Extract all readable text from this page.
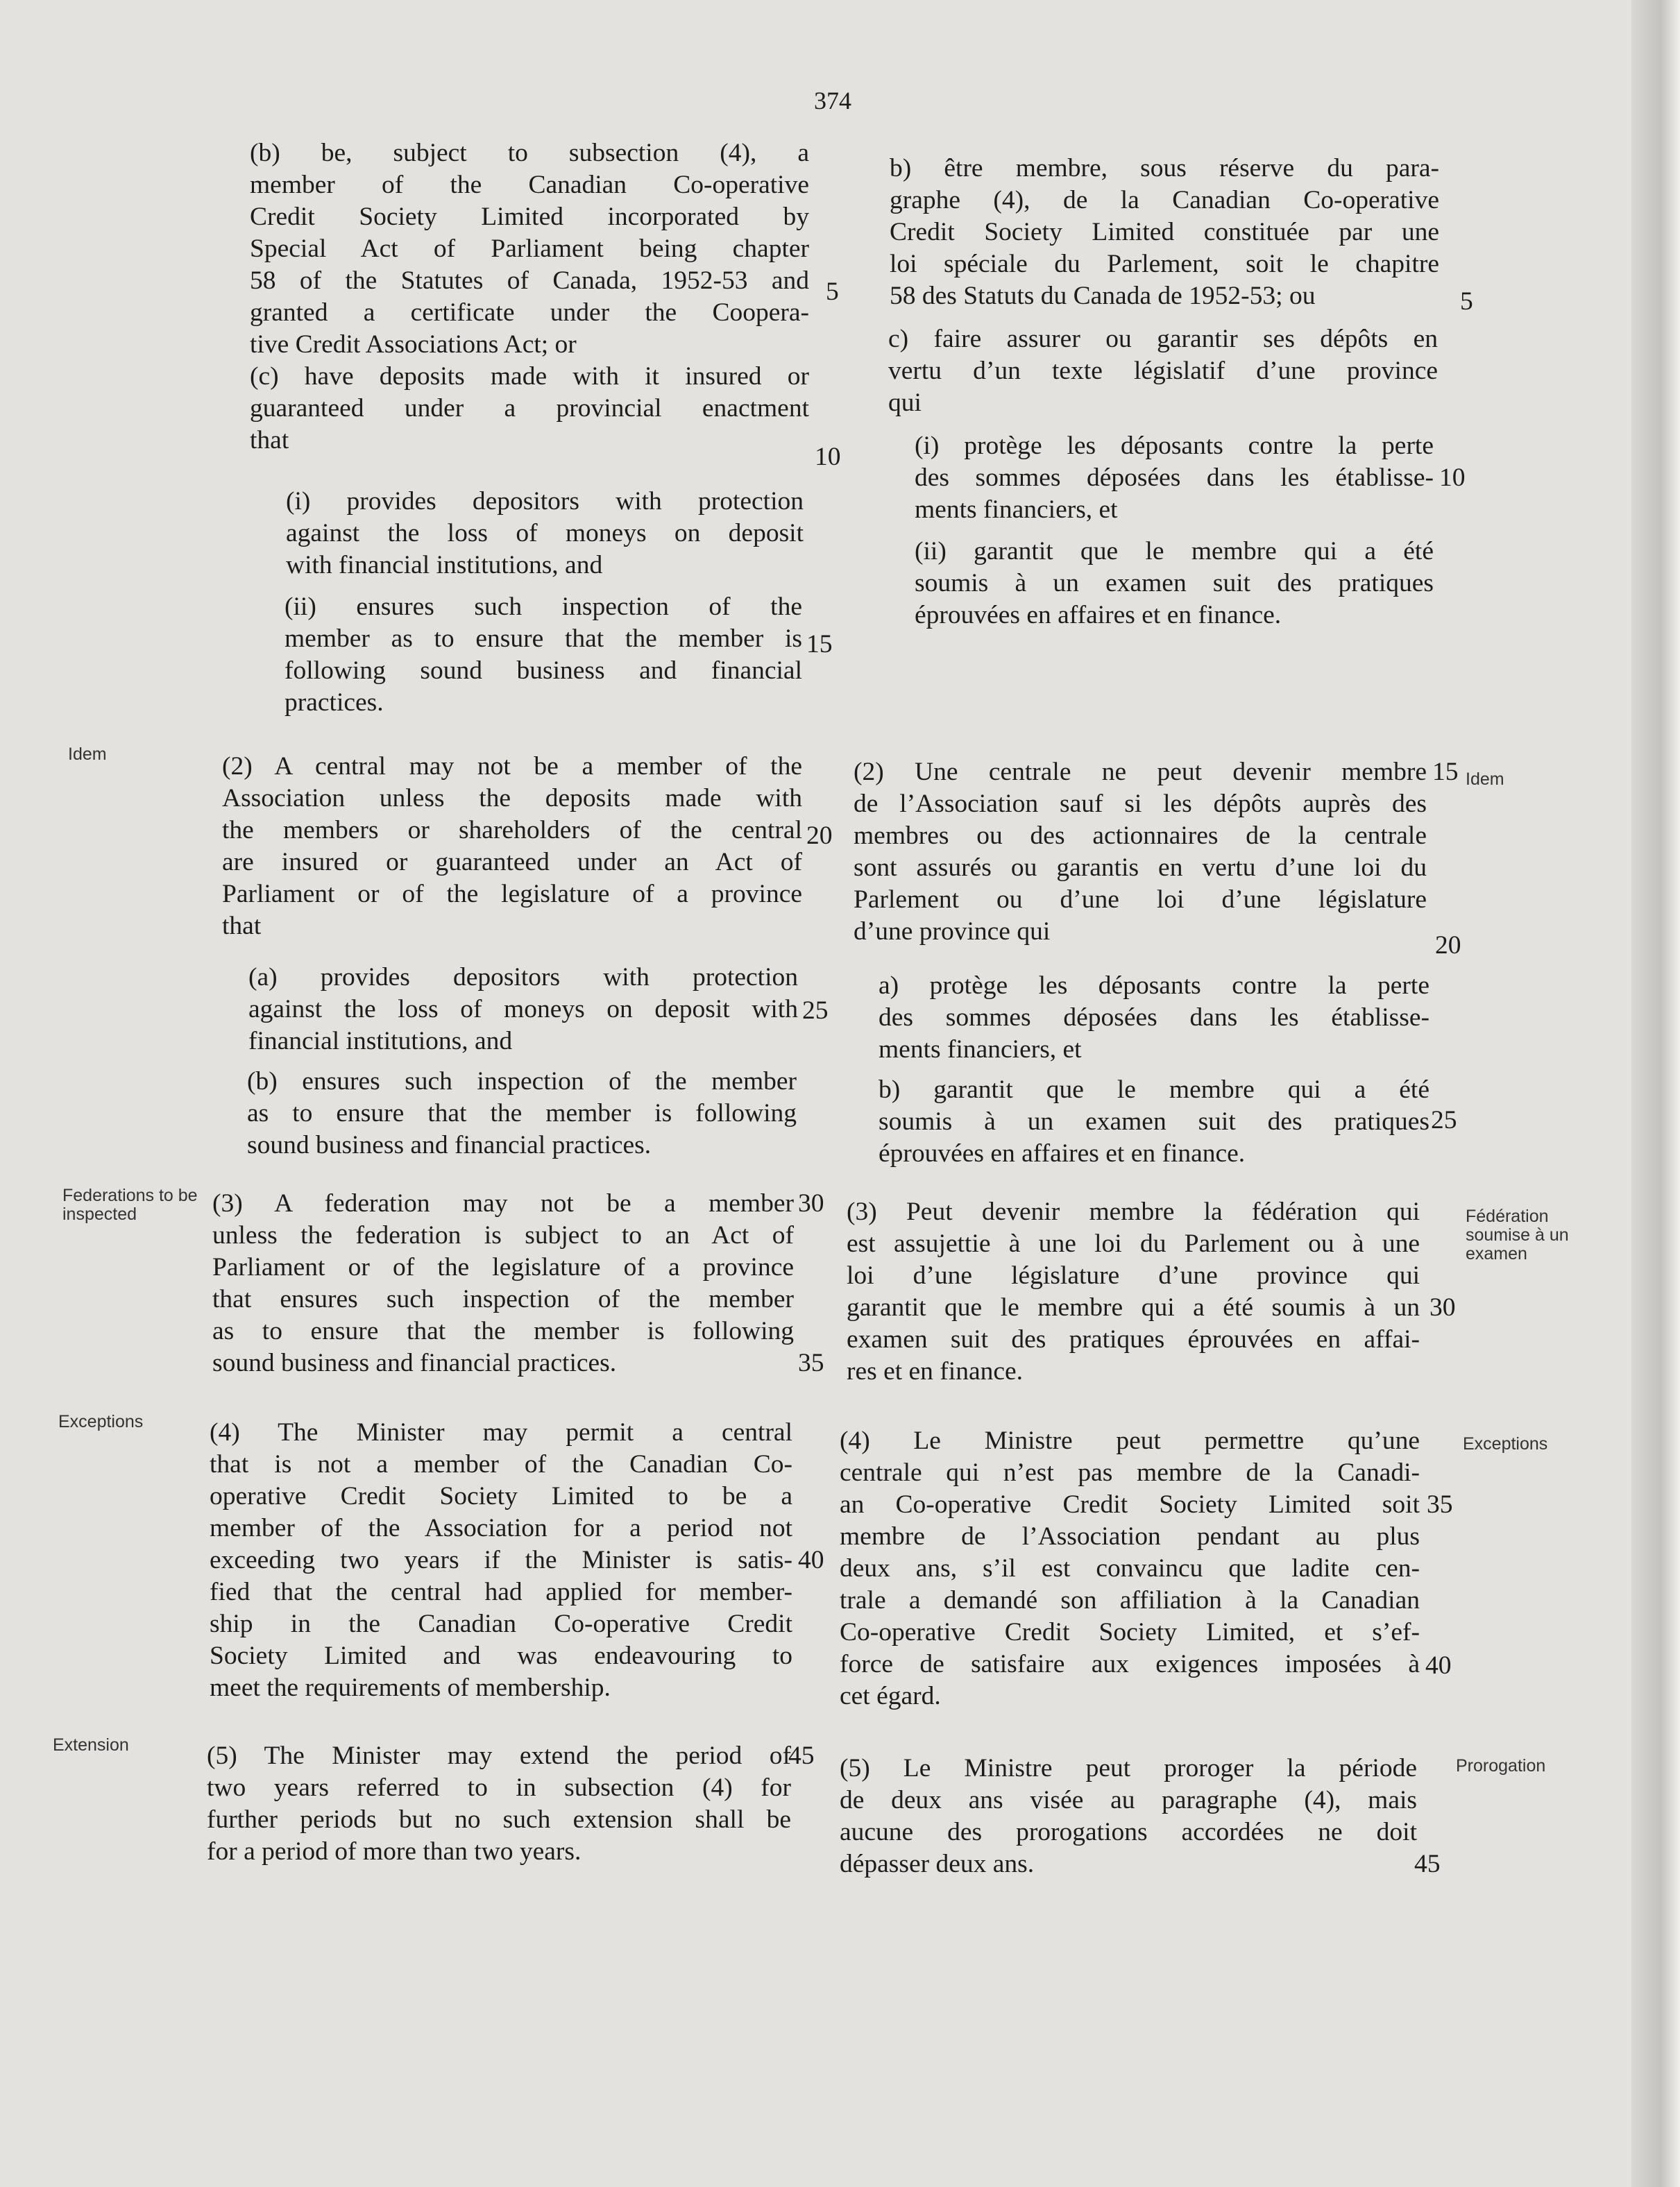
374
(b) be, subject to subsection (4), a
member of the Canadian Co-operative
Credit Society Limited incorporated by
Special Act of Parliament being chapter
58 of the Statutes of Canada, 1952-53 and
granted a certificate under the Coopera-
tive Credit Associations Act; or
(c) have deposits made with it insured or
guaranteed under a provincial enactment
that
(i) provides depositors with protection
against the loss of moneys on deposit
with financial institutions, and
(ii) ensures such inspection of the
member as to ensure that the member is
following sound business and financial
practices.
(2) A central may not be a member of the
Association unless the deposits made with
the members or shareholders of the central
are insured or guaranteed under an Act of
Parliament or of the legislature of a province
that
(a) provides depositors with protection
against the loss of moneys on deposit with
financial institutions, and
(b) ensures such inspection of the member
as to ensure that the member is following
sound business and financial practices.
(3) A federation may not be a member
unless the federation is subject to an Act of
Parliament or of the legislature of a province
that ensures such inspection of the member
as to ensure that the member is following
sound business and financial practices.
(4) The Minister may permit a central
that is not a member of the Canadian Co-
operative Credit Society Limited to be a
member of the Association for a period not
exceeding two years if the Minister is satis-
fied that the central had applied for member-
ship in the Canadian Co-operative Credit
Society Limited and was endeavouring to
meet the requirements of membership.
(5) The Minister may extend the period of
two years referred to in subsection (4) for
further periods but no such extension shall be
for a period of more than two years.
b) être membre, sous réserve du para-
graphe (4), de la Canadian Co-operative
Credit Society Limited constituée par une
loi spéciale du Parlement, soit le chapitre
58 des Statuts du Canada de 1952-53; ou
c) faire assurer ou garantir ses dépôts en
vertu d’un texte législatif d’une province
qui
(i) protège les déposants contre la perte
des sommes déposées dans les établisse-
ments financiers, et
(ii) garantit que le membre qui a été
soumis à un examen suit des pratiques
éprouvées en affaires et en finance.
(2) Une centrale ne peut devenir membre
de l’Association sauf si les dépôts auprès des
membres ou des actionnaires de la centrale
sont assurés ou garantis en vertu d’une loi du
Parlement ou d’une loi d’une législature
d’une province qui
a) protège les déposants contre la perte
des sommes déposées dans les établisse-
ments financiers, et
b) garantit que le membre qui a été
soumis à un examen suit des pratiques
éprouvées en affaires et en finance.
(3) Peut devenir membre la fédération qui
est assujettie à une loi du Parlement ou à une
loi d’une législature d’une province qui
garantit que le membre qui a été soumis à un
examen suit des pratiques éprouvées en affai-
res et en finance.
(4) Le Ministre peut permettre qu’une
centrale qui n’est pas membre de la Canadi-
an Co-operative Credit Society Limited soit
membre de l’Association pendant au plus
deux ans, s’il est convaincu que ladite cen-
trale a demandé son affiliation à la Canadian
Co-operative Credit Society Limited, et s’ef-
force de satisfaire aux exigences imposées à
cet égard.
(5) Le Ministre peut proroger la période
de deux ans visée au paragraphe (4), mais
aucune des prorogations accordées ne doit
dépasser deux ans.
5
10
15
20
25
30
35
40
45
5
10
15
20
25
30
35
40
45
Idem
Federations to be inspected
Exceptions
Extension
Idem
Fédération soumise à un examen
Exceptions
Prorogation
